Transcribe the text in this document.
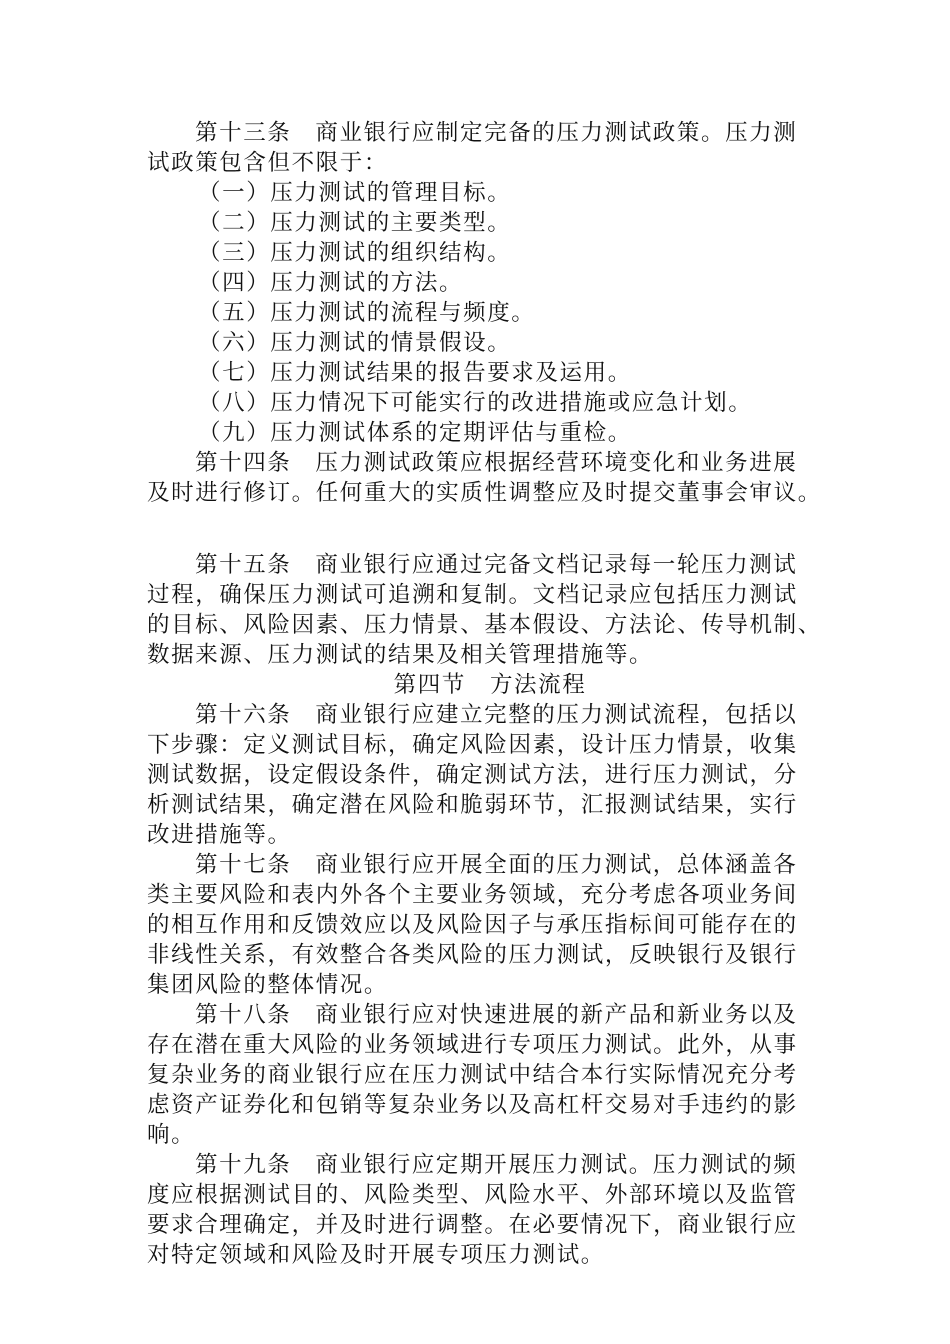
第十三条 商业银行应制定完备的压力测试政策。压力测
试政策包含但不限于：
（一）压力测试的管理目标。
（二）压力测试的主要类型。
（三）压力测试的组织结构。
（四）压力测试的方法。
（五）压力测试的流程与频度。
（六）压力测试的情景假设。
（七）压力测试结果的报告要求及运用。
（八）压力情况下可能实行的改进措施或应急计划。
（九）压力测试体系的定期评估与重检。
第十四条 压力测试政策应根据经营环境变化和业务进展
及时进行修订。任何重大的实质性调整应及时提交董事会审议。
第十五条 商业银行应通过完备文档记录每一轮压力测试
过程，确保压力测试可追溯和复制。文档记录应包括压力测试
的目标、风险因素、压力情景、基本假设、方法论、传导机制、
数据来源、压力测试的结果及相关管理措施等。
第四节 方法流程
第十六条 商业银行应建立完整的压力测试流程，包括以
下步骤：定义测试目标，确定风险因素，设计压力情景，收集
测试数据，设定假设条件，确定测试方法，进行压力测试，分
析测试结果，确定潜在风险和脆弱环节，汇报测试结果，实行
改进措施等。
第十七条 商业银行应开展全面的压力测试，总体涵盖各
类主要风险和表内外各个主要业务领域，充分考虑各项业务间
的相互作用和反馈效应以及风险因子与承压指标间可能存在的
非线性关系，有效整合各类风险的压力测试，反映银行及银行
集团风险的整体情况。
第十八条 商业银行应对快速进展的新产品和新业务以及
存在潜在重大风险的业务领域进行专项压力测试。此外，从事
复杂业务的商业银行应在压力测试中结合本行实际情况充分考
虑资产证券化和包销等复杂业务以及高杠杆交易对手违约的影
响。
第十九条 商业银行应定期开展压力测试。压力测试的频
度应根据测试目的、风险类型、风险水平、外部环境以及监管
要求合理确定，并及时进行调整。在必要情况下，商业银行应
对特定领域和风险及时开展专项压力测试。
